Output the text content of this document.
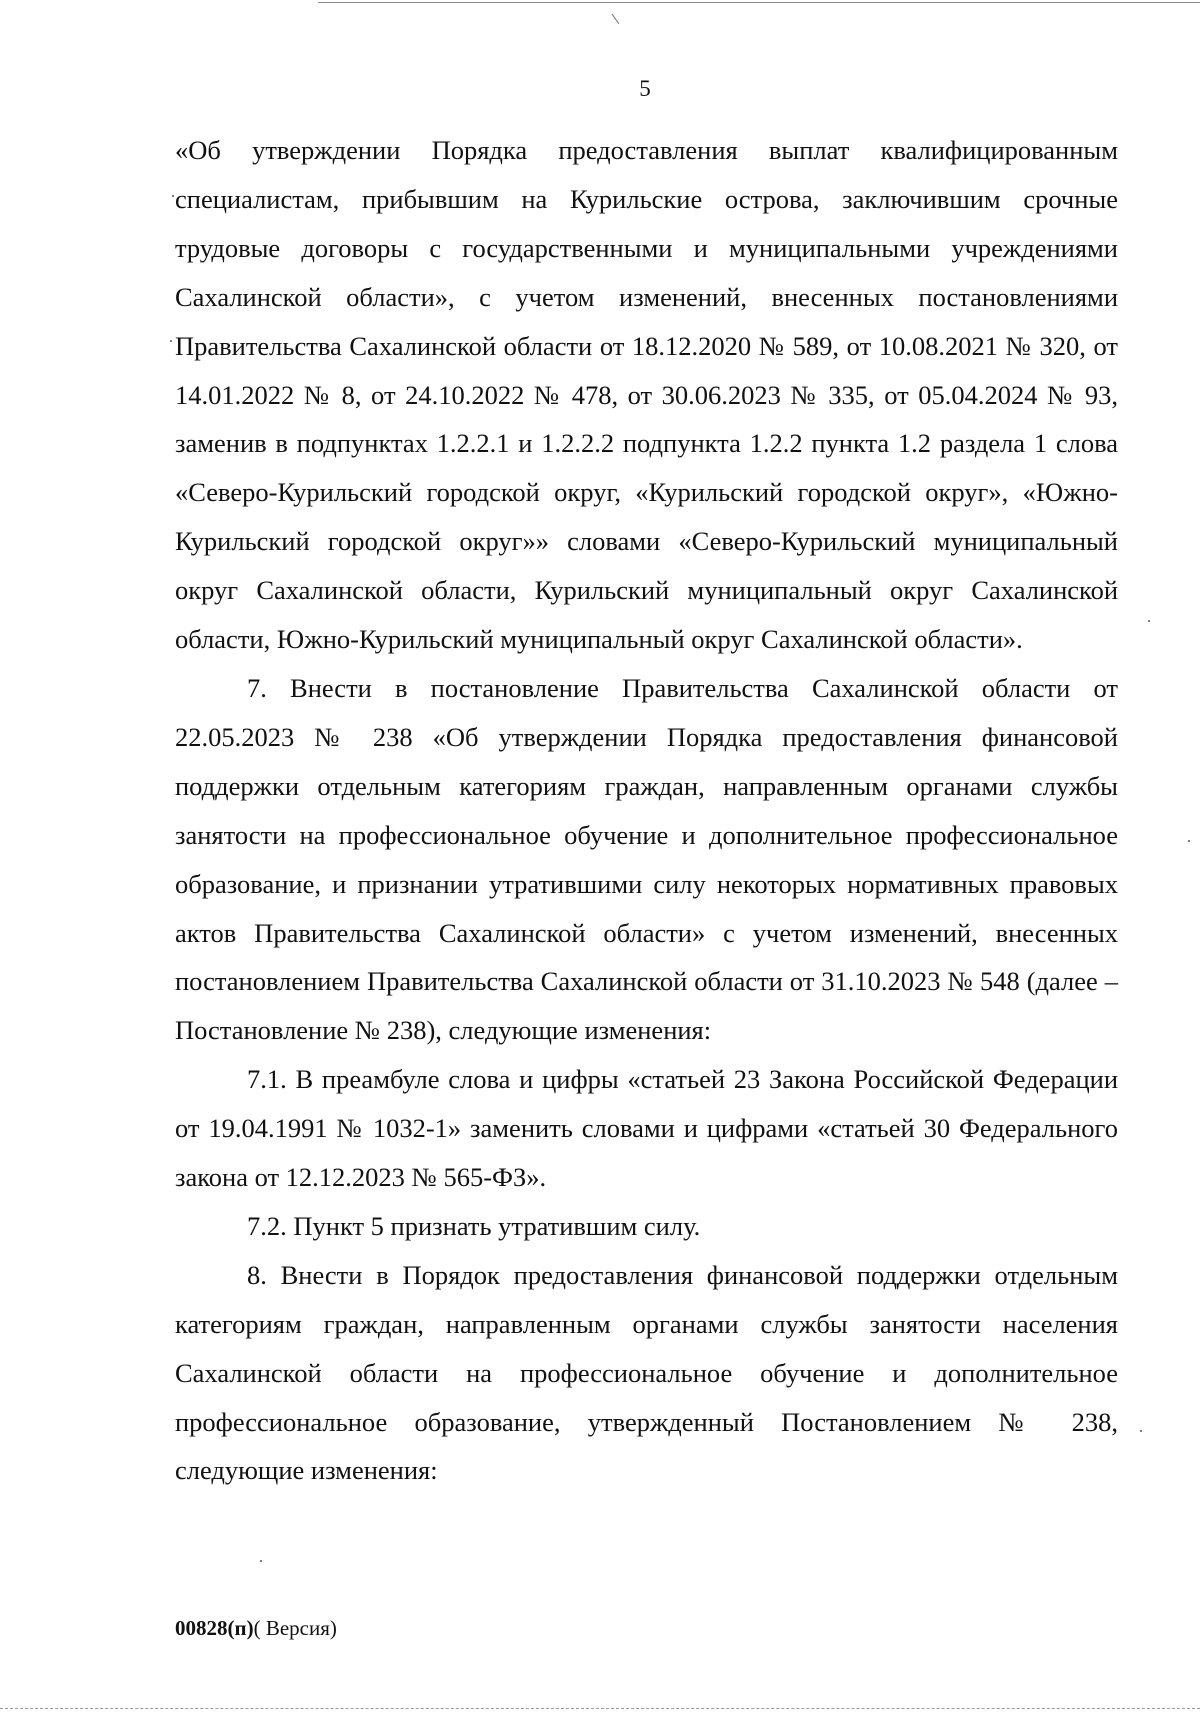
5

«Об утверждении Порядка предоставления выплат квалифицированным специалистам, прибывшим на Курильские острова, заключившим срочные трудовые договоры с государственными и муниципальными учреждениями Сахалинской области», с учетом изменений, внесенных постановлениями Правительства Сахалинской области от 18.12.2020 № 589, от 10.08.2021 № 320, от 14.01.2022 № 8, от 24.10.2022 № 478, от 30.06.2023 № 335, от 05.04.2024 № 93, заменив в подпунктах 1.2.2.1 и 1.2.2.2 подпункта 1.2.2 пункта 1.2 раздела 1 слова «Северо-Курильский городской округ, «Курильский городской округ», «Южно-Курильский городской округ»» словами «Северо-Курильский муниципальный округ Сахалинской области, Курильский муниципальный округ Сахалинской области, Южно-Курильский муниципальный округ Сахалинской области».

7. Внести в постановление Правительства Сахалинской области от 22.05.2023 № 238 «Об утверждении Порядка предоставления финансовой поддержки отдельным категориям граждан, направленным органами службы занятости на профессиональное обучение и дополнительное профессиональное образование, и признании утратившими силу некоторых нормативных правовых актов Правительства Сахалинской области» с учетом изменений, внесенных постановлением Правительства Сахалинской области от 31.10.2023 № 548 (далее – Постановление № 238), следующие изменения:

7.1. В преамбуле слова и цифры «статьей 23 Закона Российской Федерации от 19.04.1991 № 1032-1» заменить словами и цифрами «статьей 30 Федерального закона от 12.12.2023 № 565-ФЗ».

7.2. Пункт 5 признать утратившим силу.

8. Внести в Порядок предоставления финансовой поддержки отдельным категориям граждан, направленным органами службы занятости населения Сахалинской области на профессиональное обучение и дополнительное профессиональное образование, утвержденный Постановлением № 238, следующие изменения:

00828(п)( Версия)
